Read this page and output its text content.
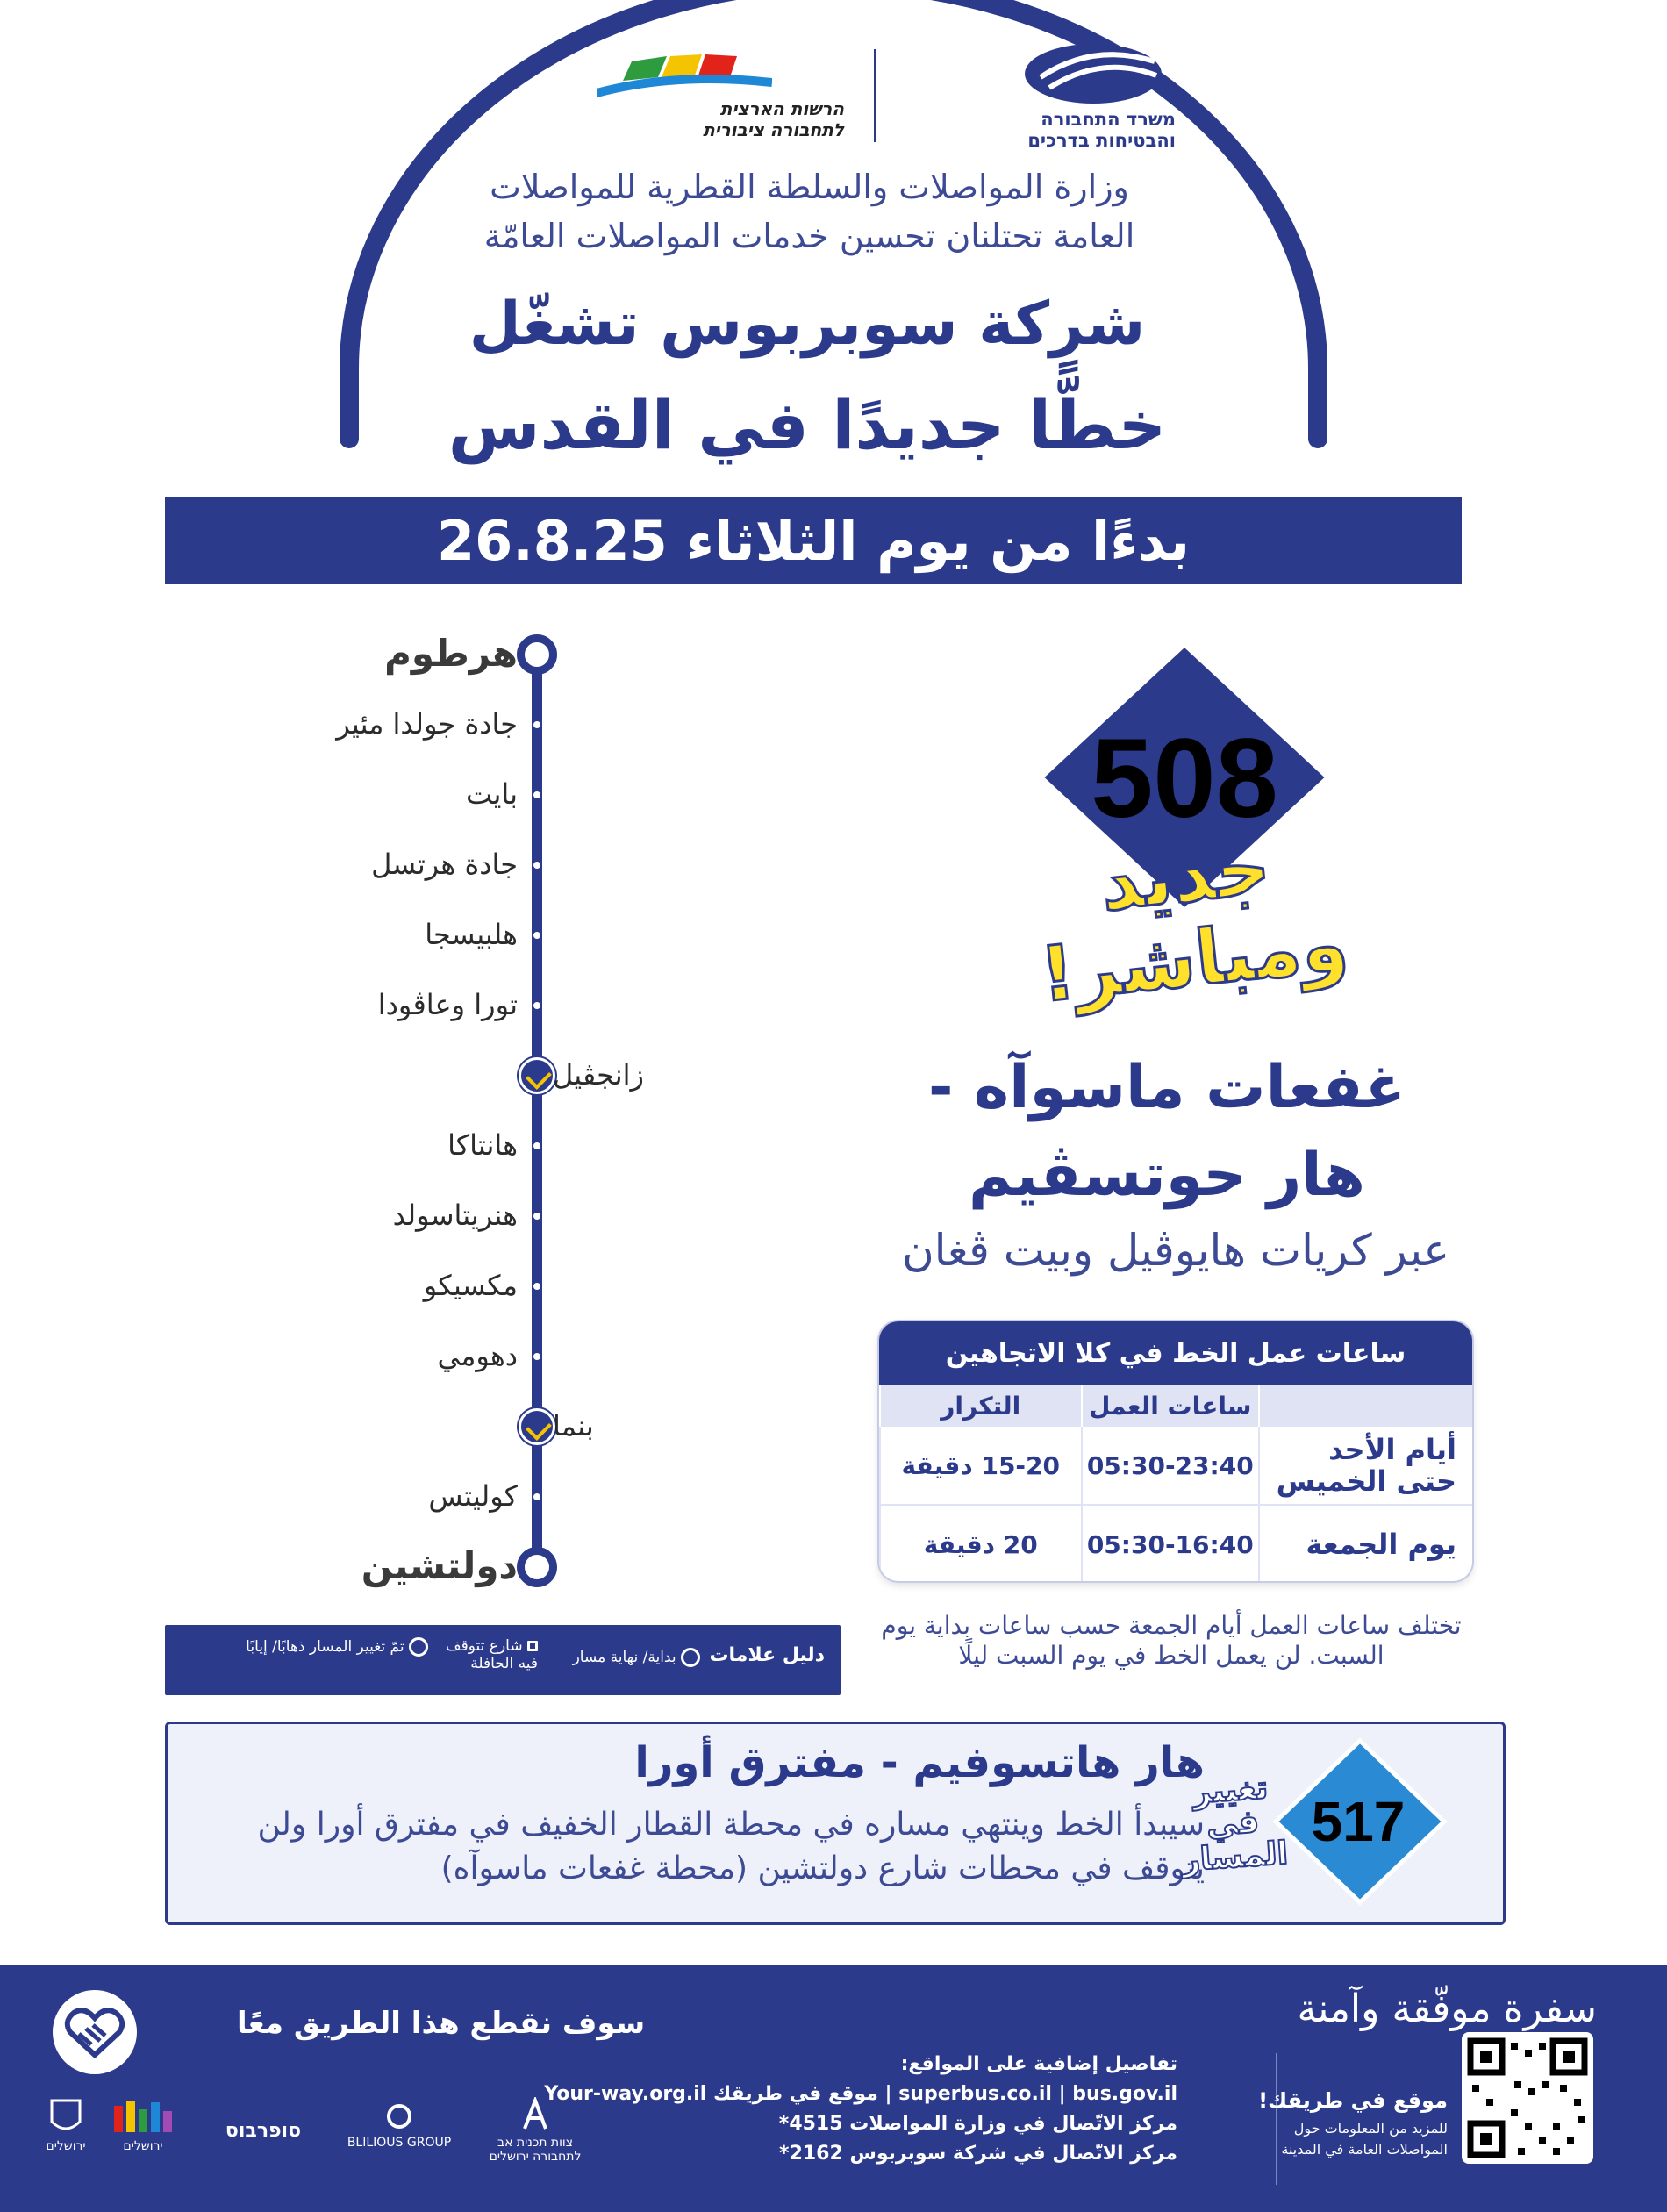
משרד התחבורה
והבטיחות בדרכים
הרשות הארצית
לתחבורה ציבורית
وزارة المواصلات والسلطة القطرية للمواصلات
العامة تحتلنان تحسين خدمات المواصلات العامّة
شركة سوبربوس تشغّل
خطًّا جديدًا في القدس
بدءًا من يوم الثلاثاء 26.8.25
هرطوم
جادة جولدا مئير
بايت
جادة هرتسل
هلبيسجا
تورا وعاڤودا
زانجڤيل
هانتاكا
هنريتاسولد
مكسيكو
دهومي
بنما
كوليتس
دولتشين
دليل علامات
بداية/ نهاية مسار
شارع تتوقف فيه الحافلة
تمّ تغيير المسار ذهابًا/ إيابًا
508
جديد
ومباشر!
غفعات ماسوآه -
هار حوتسڤيم
عبر كريات هايوڤيل وبيت ڤغان
ساعات عمل الخط في كلا الاتجاهين
	ساعات العمل	التكرار
أيام الأحد حتى الخميس	05:30-23:40	15-20 دقيقة
يوم الجمعة	05:30-16:40	20 دقيقة
تختلف ساعات العمل أيام الجمعة حسب ساعات بداية يوم السبت. لن يعمل الخط في يوم السبت ليلًا
هار هاتسوفيم - مفترق أورا
سيبدأ الخط وينتهي مساره في محطة القطار الخفيف في مفترق أورا ولن يتوقف في محطات شارع دولتشين (محطة غفعات ماسوآه)
517
تغيير في المسار
سوف نقطع هذا الطريق معًا	سفرة موفّقة وآمنة
تفاصيل إضافية على المواقع:
superbus.co.il | bus.gov.il | موقع في طريقك Your-way.org.il
مركز الاتّصال في وزارة المواصلات 4515*
مركز الاتّصال في شركة سوبربوس 2162*
موقع في طريقك!
للمزيد من المعلومات حول المواصلات العامة في المدينة
צוות תכנית אב לתחבורה ירושלים
BLILIOUS GROUP
סופרבוס
ירושלים
ירושלים
